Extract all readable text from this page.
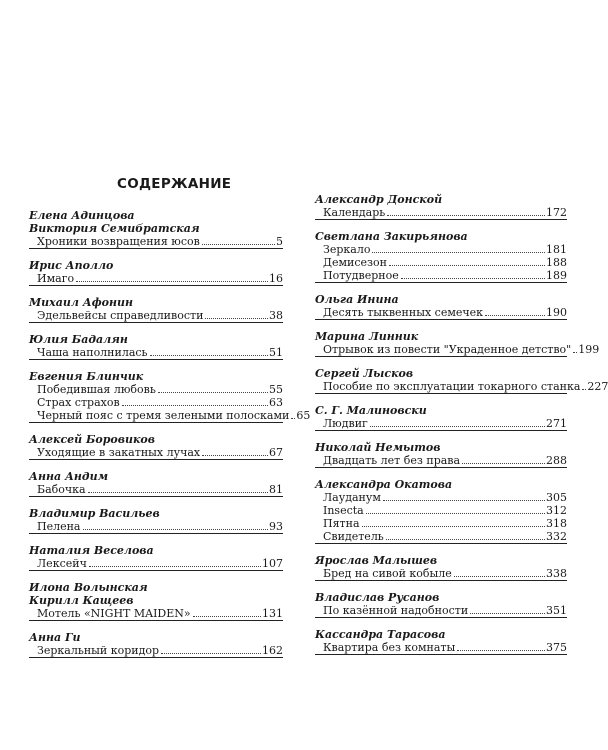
СОДЕРЖАНИЕ
Елена Адинцова
Виктория Семибратская
Хроники возвращения юсов	5
Ирис Аполло
Имаго	16
Михаил Афонин
Эдельвейсы справедливости	38
Юлия Бадалян
Чаша наполнилась	51
Евгения Блинчик
Победившая любовь	55
Страх страхов	63
Черный пояс с тремя зелеными полосками 65
Алексей Боровиков
Уходящие в закатных лучах	67
Анна Андим
Бабочка	81
Владимир Васильев
Пелена	93
Наталия Веселова
Лексейч	107
Илона Волынская
Кирилл Кащеев
Мотель «NIGHT MAIDEN»	131
Анна Ги
Зеркальный коридор	162
Александр Донской
Календарь	172
Светлана Закирьянова
Зеркало	181
Демисезон	188
Потудверное	189
Ольга Инина
Десять тыквенных семечек	190
Марина Линник
Отрывок из повести "Украденное детство" 199
Сергей Лысков
Пособие по эксплуатации токарного станка 227
С. Г. Малиновски
Людвиг	271
Николай Немытов
Двадцать лет без права	288
Александра Окатова
Лауданум	305
Insecta	312
Пятна	318
Свидетель	332
Ярослав Малышев
Бред на сивой кобыле	338
Владислав Русанов
По казённой надобности	351
Кассандра Тарасова
Квартира без комнаты	375
